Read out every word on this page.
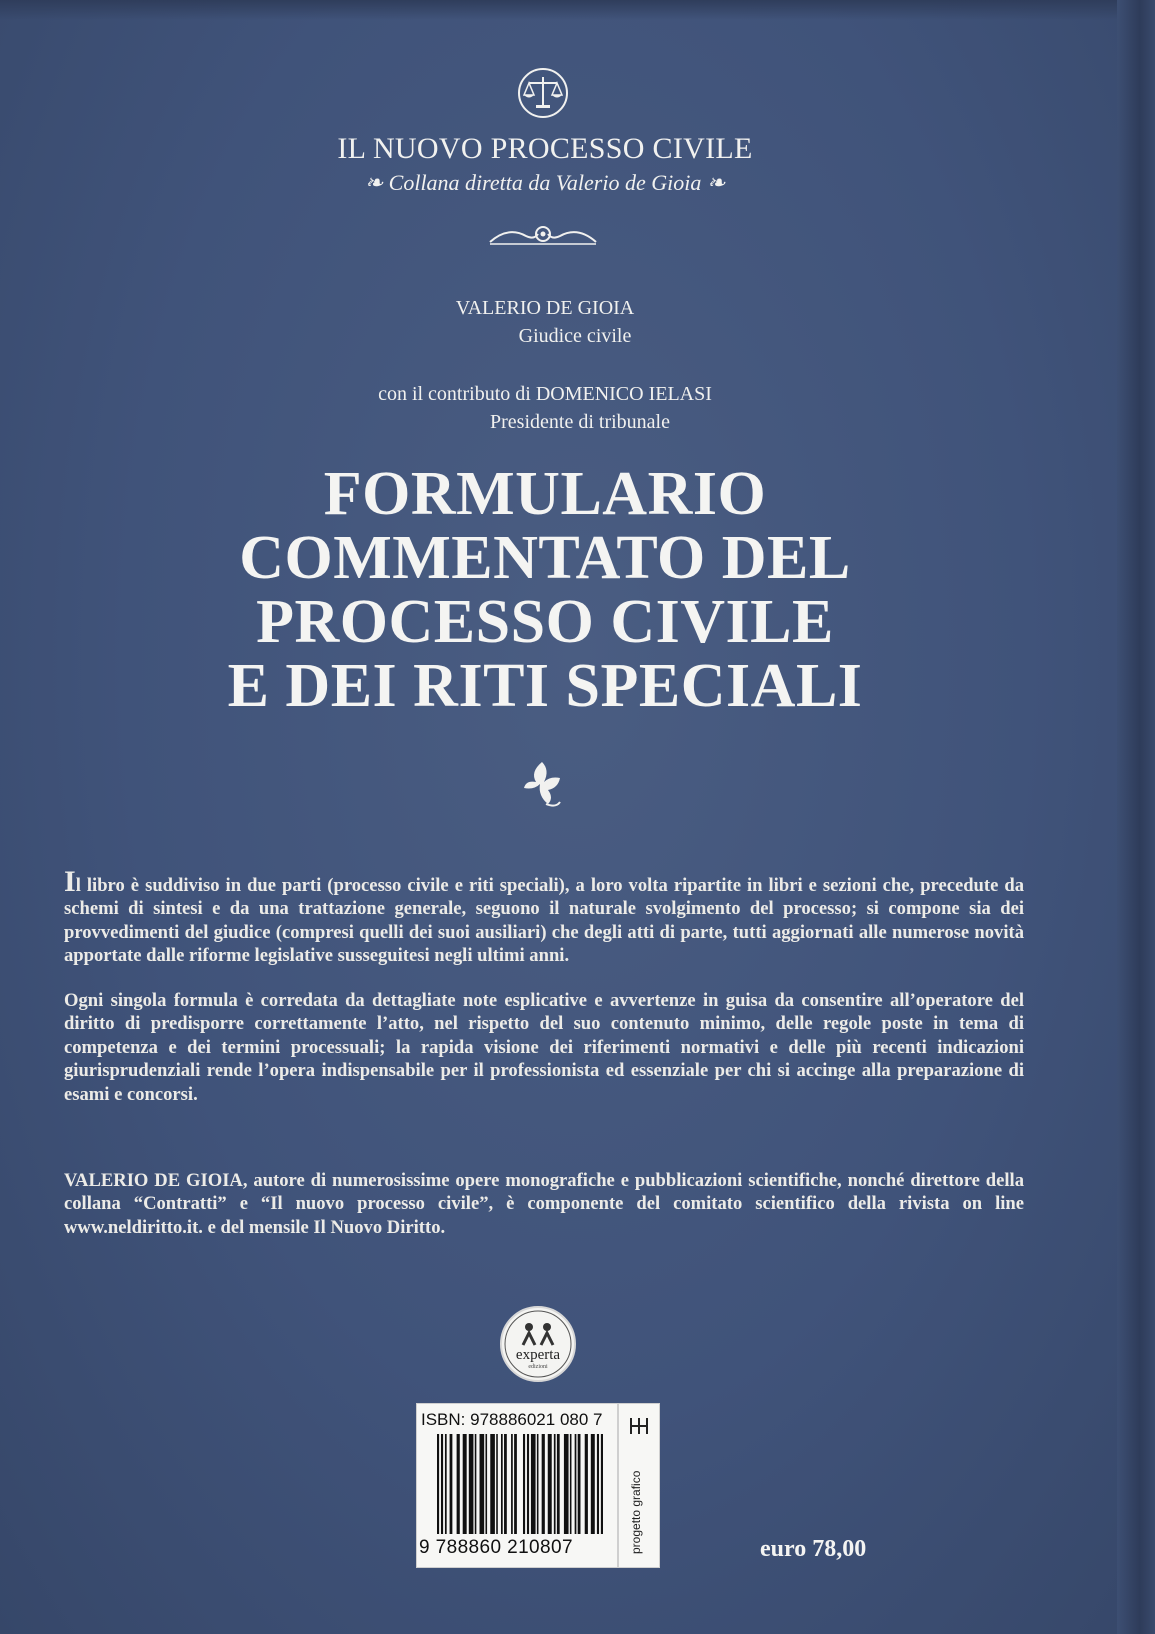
IL NUOVO PROCESSO CIVILE
❧ Collana diretta da Valerio de Gioia ❧
VALERIO DE GIOIA
Giudice civile
con il contributo di DOMENICO IELASI
Presidente di tribunale
FORMULARIO
COMMENTATO DEL
PROCESSO CIVILE
E DEI RITI SPECIALI

Il libro è suddiviso in due parti (processo civile e riti speciali), a loro volta ripartite in libri e sezioni che, precedute da schemi di sintesi e da una trattazione generale, seguono il naturale svolgimento del processo; si compone sia dei provvedimenti del giudice (compresi quelli dei suoi ausiliari) che degli atti di parte, tutti aggiornati alle numerose novità apportate dalle riforme legislative susseguitesi negli ultimi anni.

Ogni singola formula è corredata da dettagliate note esplicative e avvertenze in guisa da consentire all’operatore del diritto di predisporre correttamente l’atto, nel rispetto del suo contenuto minimo, delle regole poste in tema di competenza e dei termini processuali; la rapida visione dei riferimenti normativi e delle più recenti indicazioni giurisprudenziali rende l’opera indispensabile per il professionista ed essenziale per chi si accinge alla preparazione di esami e concorsi.

VALERIO DE GIOIA, autore di numerosissime opere monografiche e pubblicazioni scientifiche, nonché direttore della collana “Contratti” e “Il nuovo processo civile”, è componente del comitato scientifico della rivista on line www.neldiritto.it. e del mensile Il Nuovo Diritto.

experta
edizioni
ISBN: 978886021 080 7
9 788860 210807	progetto grafico	euro 78,00
